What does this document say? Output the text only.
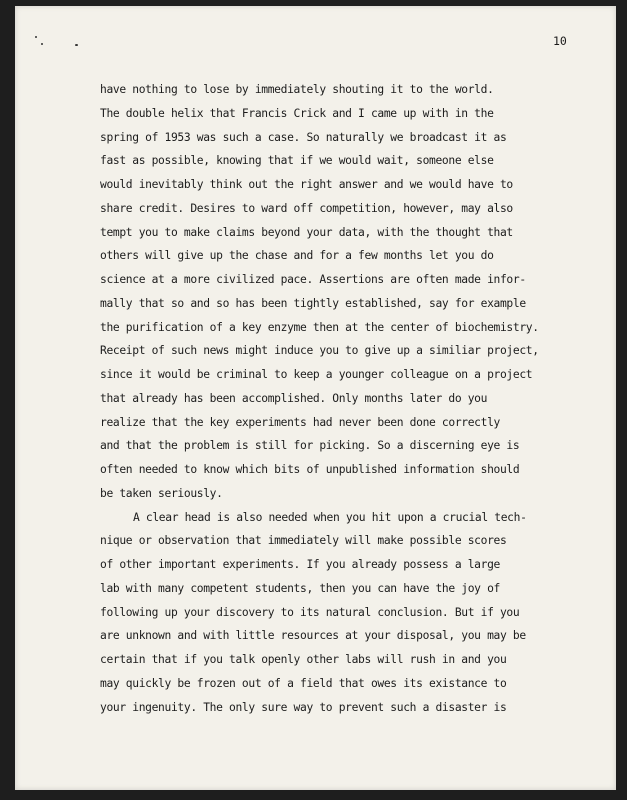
10
have nothing to lose by immediately shouting it to the world.
The double helix that Francis Crick and I came up with in the
spring of 1953 was such a case. So naturally we broadcast it as
fast as possible, knowing that if we would wait, someone else
would inevitably think out the right answer and we would have to
share credit. Desires to ward off competition, however, may also
tempt you to make claims beyond your data, with the thought that
others will give up the chase and for a few months let you do
science at a more civilized pace. Assertions are often made infor-
mally that so and so has been tightly established, say for example
the purification of a key enzyme then at the center of biochemistry.
Receipt of such news might induce you to give up a similiar project,
since it would be criminal to keep a younger colleague on a project
that already has been accomplished. Only months later do you
realize that the key experiments had never been done correctly
and that the problem is still for picking. So a discerning eye is
often needed to know which bits of unpublished information should
be taken seriously.
A clear head is also needed when you hit upon a crucial tech-
nique or observation that immediately will make possible scores
of other important experiments. If you already possess a large
lab with many competent students, then you can have the joy of
following up your discovery to its natural conclusion. But if you
are unknown and with little resources at your disposal, you may be
certain that if you talk openly other labs will rush in and you
may quickly be frozen out of a field that owes its existance to
your ingenuity. The only sure way to prevent such a disaster is
